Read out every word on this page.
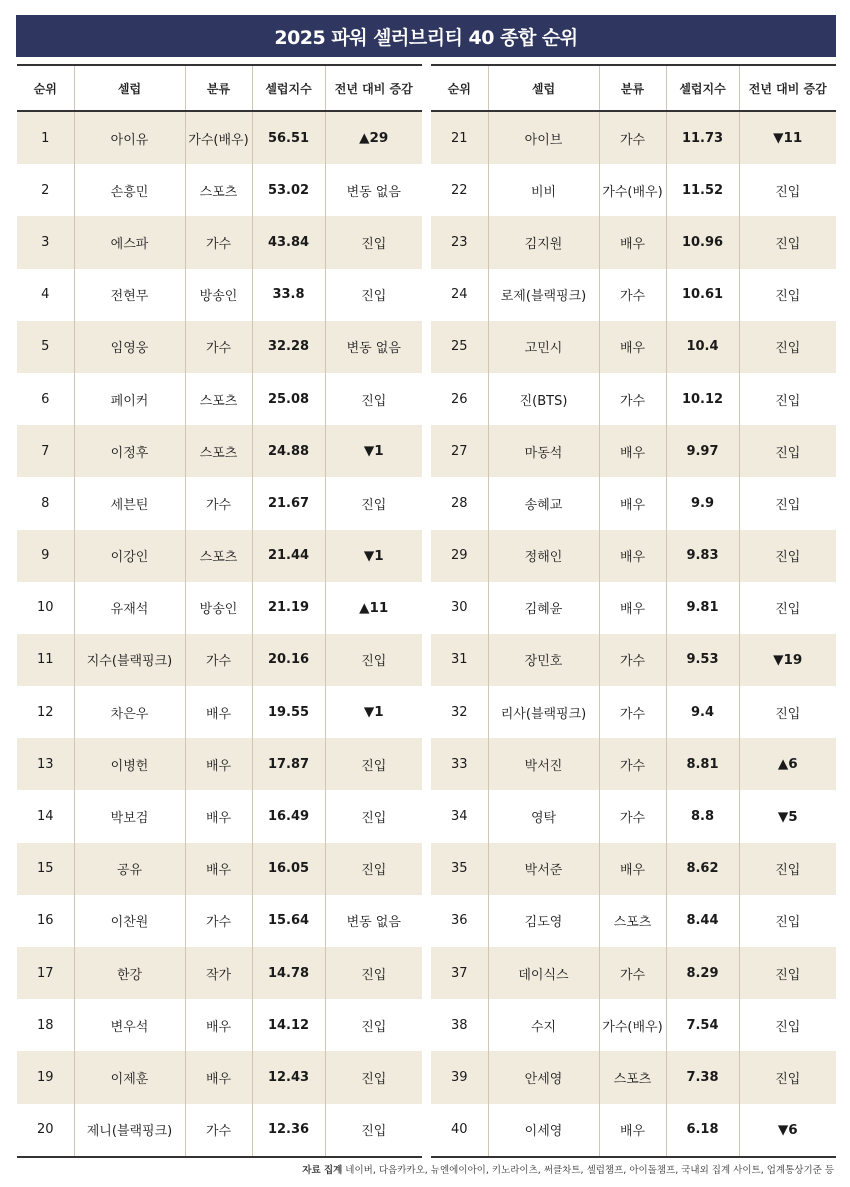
2025 파워 셀러브리티 40 종합 순위
순위	셀럽	분류	셀럽지수	전년 대비 증감
1	아이유	가수(배우)	56.51	▲29
2	손흥민	스포츠	53.02	변동 없음
3	에스파	가수	43.84	진입
4	전현무	방송인	33.8	진입
5	임영웅	가수	32.28	변동 없음
6	페이커	스포츠	25.08	진입
7	이정후	스포츠	24.88	▼1
8	세븐틴	가수	21.67	진입
9	이강인	스포츠	21.44	▼1
10	유재석	방송인	21.19	▲11
11	지수(블랙핑크)	가수	20.16	진입
12	차은우	배우	19.55	▼1
13	이병헌	배우	17.87	진입
14	박보검	배우	16.49	진입
15	공유	배우	16.05	진입
16	이찬원	가수	15.64	변동 없음
17	한강	작가	14.78	진입
18	변우석	배우	14.12	진입
19	이제훈	배우	12.43	진입
20	제니(블랙핑크)	가수	12.36	진입
순위	셀럽	분류	셀럽지수	전년 대비 증감
21	아이브	가수	11.73	▼11
22	비비	가수(배우)	11.52	진입
23	김지원	배우	10.96	진입
24	로제(블랙핑크)	가수	10.61	진입
25	고민시	배우	10.4	진입
26	진(BTS)	가수	10.12	진입
27	마동석	배우	9.97	진입
28	송혜교	배우	9.9	진입
29	정해인	배우	9.83	진입
30	김혜윤	배우	9.81	진입
31	장민호	가수	9.53	▼19
32	리사(블랙핑크)	가수	9.4	진입
33	박서진	가수	8.81	▲6
34	영탁	가수	8.8	▼5
35	박서준	배우	8.62	진입
36	김도영	스포츠	8.44	진입
37	데이식스	가수	8.29	진입
38	수지	가수(배우)	7.54	진입
39	안세영	스포츠	7.38	진입
40	이세영	배우	6.18	▼6
자료 집계 네이버, 다음카카오, 뉴엔에이아이, 키노라이츠, 써클차트, 셀럽챔프, 아이돌챔프, 국내외 집계 사이트, 업계통상기준 등
